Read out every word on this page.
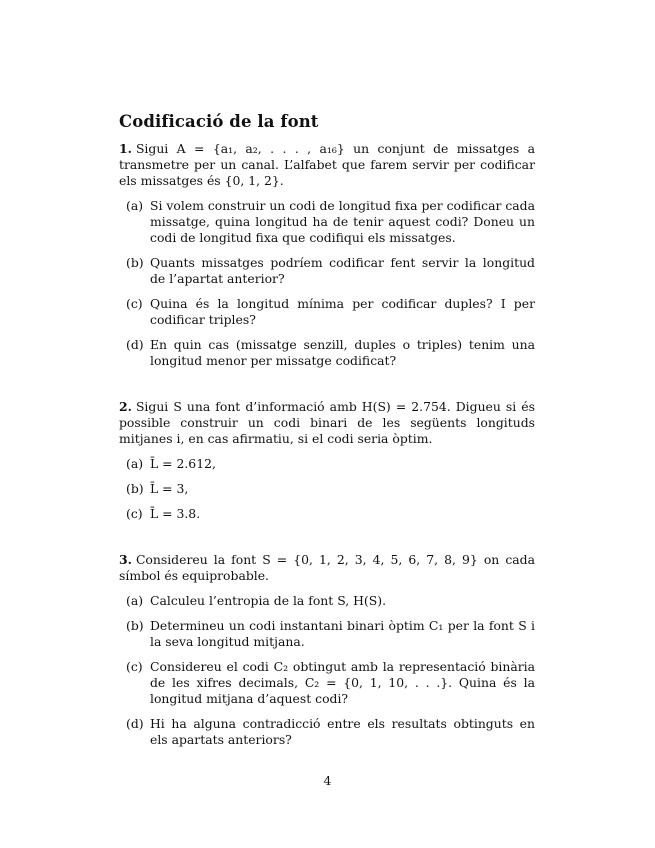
Codificació de la font

1. Sigui A = {a₁, a₂, . . . , a₁₆} un conjunt de missatges a transmetre per un canal. L’alfabet que farem servir per codificar els missatges és {0, 1, 2}.

(a) Si volem construir un codi de longitud fixa per codificar cada missatge, quina longitud ha de tenir aquest codi? Doneu un codi de longitud fixa que codifiqui els missatges.
(b) Quants missatges podríem codificar fent servir la longitud de l’apartat anterior?
(c) Quina és la longitud mínima per codificar duples? I per codificar triples?
(d) En quin cas (missatge senzill, duples o triples) tenim una longitud menor per missatge codificat?

2. Sigui S una font d’informació amb H(S) = 2.754. Digueu si és possible construir un codi binari de les següents longituds mitjanes i, en cas afirmatiu, si el codi seria òptim.

(a) L̄ = 2.612,
(b) L̄ = 3,
(c) L̄ = 3.8.

3. Considereu la font S = {0, 1, 2, 3, 4, 5, 6, 7, 8, 9} on cada símbol és equiprobable.

(a) Calculeu l’entropia de la font S, H(S).
(b) Determineu un codi instantani binari òptim C₁ per la font S i la seva longitud mitjana.
(c) Considereu el codi C₂ obtingut amb la representació binària de les xifres decimals, C₂ = {0, 1, 10, . . .}. Quina és la longitud mitjana d’aquest codi?
(d) Hi ha alguna contradicció entre els resultats obtinguts en els apartats anteriors?
4
